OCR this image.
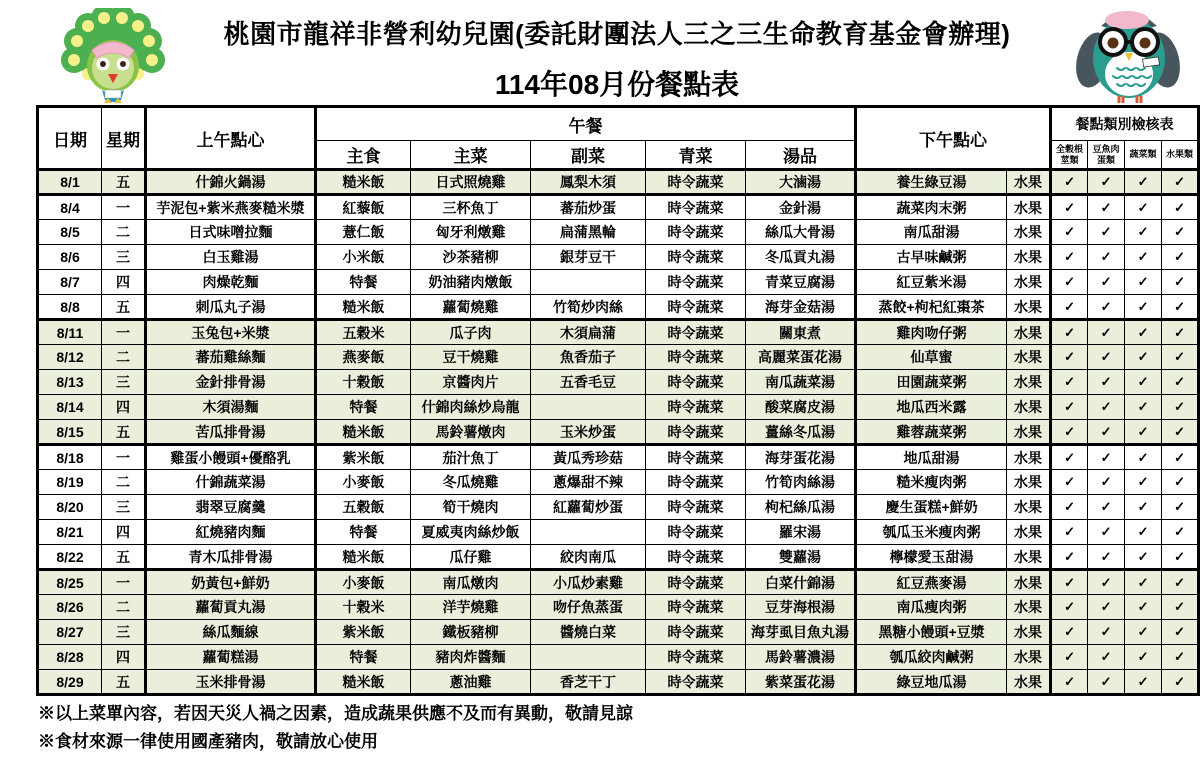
桃園市龍祥非營利幼兒園(委託財團法人三之三生命教育基金會辦理)
114年08月份餐點表
日期	星期	上午點心	午餐					下午點心		餐點類別檢核表			
			主食	主菜	副菜	青菜	湯品			全穀根莖類	豆魚肉蛋類	蔬菜類	水果類
8/1	五	什錦火鍋湯	糙米飯	日式照燒雞	鳳梨木須	時令蔬菜	大滷湯	養生綠豆湯	水果	✓	✓	✓	✓
8/4	一	芋泥包+紫米燕麥糙米漿	紅藜飯	三杯魚丁	蕃茄炒蛋	時令蔬菜	金針湯	蔬菜肉末粥	水果	✓	✓	✓	✓
8/5	二	日式味噌拉麵	薏仁飯	匈牙利燉雞	扁蒲黑輪	時令蔬菜	絲瓜大骨湯	南瓜甜湯	水果	✓	✓	✓	✓
8/6	三	白玉雞湯	小米飯	沙茶豬柳	銀芽豆干	時令蔬菜	冬瓜貢丸湯	古早味鹹粥	水果	✓	✓	✓	✓
8/7	四	肉燥乾麵	特餐	奶油豬肉燉飯		時令蔬菜	青菜豆腐湯	紅豆紫米湯	水果	✓	✓	✓	✓
8/8	五	刺瓜丸子湯	糙米飯	蘿蔔燒雞	竹筍炒肉絲	時令蔬菜	海芽金菇湯	蒸餃+枸杞紅棗茶	水果	✓	✓	✓	✓
8/11	一	玉兔包+米漿	五穀米	瓜子肉	木須扁蒲	時令蔬菜	關東煮	雞肉吻仔粥	水果	✓	✓	✓	✓
8/12	二	蕃茄雞絲麵	燕麥飯	豆干燒雞	魚香茄子	時令蔬菜	高麗菜蛋花湯	仙草蜜	水果	✓	✓	✓	✓
8/13	三	金針排骨湯	十穀飯	京醬肉片	五香毛豆	時令蔬菜	南瓜蔬菜湯	田園蔬菜粥	水果	✓	✓	✓	✓
8/14	四	木須湯麵	特餐	什錦肉絲炒烏龍		時令蔬菜	酸菜腐皮湯	地瓜西米露	水果	✓	✓	✓	✓
8/15	五	苦瓜排骨湯	糙米飯	馬鈴薯燉肉	玉米炒蛋	時令蔬菜	薑絲冬瓜湯	雞蓉蔬菜粥	水果	✓	✓	✓	✓
8/18	一	雞蛋小饅頭+優酪乳	紫米飯	茄汁魚丁	黃瓜秀珍菇	時令蔬菜	海芽蛋花湯	地瓜甜湯	水果	✓	✓	✓	✓
8/19	二	什錦蔬菜湯	小麥飯	冬瓜燒雞	蔥爆甜不辣	時令蔬菜	竹筍肉絲湯	糙米瘦肉粥	水果	✓	✓	✓	✓
8/20	三	翡翠豆腐羹	五穀飯	筍干燒肉	紅蘿蔔炒蛋	時令蔬菜	枸杞絲瓜湯	慶生蛋糕+鮮奶	水果	✓	✓	✓	✓
8/21	四	紅燒豬肉麵	特餐	夏威夷肉絲炒飯		時令蔬菜	羅宋湯	瓠瓜玉米瘦肉粥	水果	✓	✓	✓	✓
8/22	五	青木瓜排骨湯	糙米飯	瓜仔雞	絞肉南瓜	時令蔬菜	雙蘿湯	檸檬愛玉甜湯	水果	✓	✓	✓	✓
8/25	一	奶黃包+鮮奶	小麥飯	南瓜燉肉	小瓜炒素雞	時令蔬菜	白菜什錦湯	紅豆燕麥湯	水果	✓	✓	✓	✓
8/26	二	蘿蔔貢丸湯	十穀米	洋芋燒雞	吻仔魚蒸蛋	時令蔬菜	豆芽海根湯	南瓜瘦肉粥	水果	✓	✓	✓	✓
8/27	三	絲瓜麵線	紫米飯	鐵板豬柳	醬燒白菜	時令蔬菜	海芽虱目魚丸湯	黑糖小饅頭+豆漿	水果	✓	✓	✓	✓
8/28	四	蘿蔔糕湯	特餐	豬肉炸醬麵		時令蔬菜	馬鈴薯濃湯	瓠瓜絞肉鹹粥	水果	✓	✓	✓	✓
8/29	五	玉米排骨湯	糙米飯	蔥油雞	香芝干丁	時令蔬菜	紫菜蛋花湯	綠豆地瓜湯	水果	✓	✓	✓	✓
※以上菜單內容，若因天災人禍之因素，造成蔬果供應不及而有異動，敬請見諒
※食材來源一律使用國產豬肉，敬請放心使用
